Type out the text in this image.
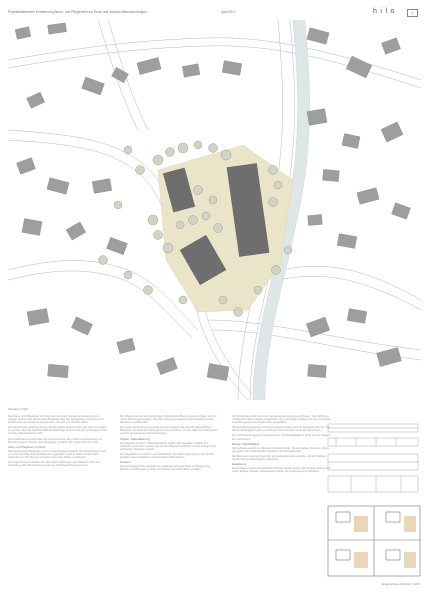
Projektwettbewerb Erweiterung Alters- und Pflegeheim zur Rose und Neubau Alterswohnungen	April 2017	hilo	1
Situation 1:500

Der Alters- und Pflegeheim zur Rose wird mit einem Neubau als Erweiterung im Quartier ergänzt. Die Setzung der Baukörper folgt den bestehenden Strukturen und schafft einen gemeinsamen Aussenraum, der sich zum Dorf hin öffnet.

Das bestehende Gebäude und der Neubau bilden ein Ensemble. Die Volumen werden so gesetzt, dass die Nachbarschaft berücksichtigt wird und sich ein grosszügiger Park mit altem Baumbestand ergibt.

Die Erschliessung erfolgt über die Quartierstrasse. Die Zufahrt für Anlieferung und Besucher liegt im Norden, die Fussgänger erreichen die Anlage über den Park.

Alters- und Pflegeheim zur Rose

Das bestehende Pflegeheim wird um einen Neubau erweitert. Die Wohngruppen sind um einen zentralen Aufenthaltsbereich organisiert, welcher direkt mit dem Park verbunden ist. Die Zimmer orientieren sich nach Süden und Westen.

Die Erdgeschosse enthalten die öffentlichen Nutzungen wie Cafeteria, Saal und Verwaltung. Die Obergeschosse nehmen die Pflegewohngruppen auf.

Die Anlage wird von Grün durchzogen. Bestehende Bäume werden erhalten und mit neuen Pflanzungen ergänzt. Der Park bietet verschiedene Aufenthaltsbereiche für Bewohner und Besucher.

Die neuen Alterswohnungen ergänzen das Angebot. Sie sind als eigenständiger Baukörper am Rand des Parks gesetzt und profitieren von der Nähe zum Pflegeheim und den gemeinsamen Dienstleistungen.

Struktur / Materialisierung

Die Gebäude werden in Massivbauweise erstellt. Die Fassaden erhalten eine Verkleidung aus Holz, welche sich mit dem Bestand verbindet und der Anlage einen wohnlichen Charakter verleiht.

Die Tragstruktur ist einfach und wirtschaftlich. Die Wohnungen lassen sich flexibel einteilen und ermöglichen unterschiedliche Wohnformen.

Freiraum

Der grosszügige Park verbindet die Gebäude und bietet Raum für Begegnung, Erholung und Bewegung. Wege und Plätze sind hindernisfrei gestaltet.

Die Wohnungen sind über einen gemeinsamen Zugang erschlossen. Jede Wohnung verfügt über einen privaten Aussenraum, der nach Süden orientiert ist. Die Grundrisse sind altersgerecht und hindernisfrei ausgebildet.

Die Erschliessungszonen sind grosszügig bemessen und mit Tageslicht versorgt. Sie dienen als Begegnungsorte und fördern den Austausch unter den Bewohnern.

Die Nebenräume liegen im Untergeschoss. Die Einstellhalle ist direkt von der Strasse her erschlossen.

Energie / Nachhaltigkeit

Die Gebäude werden im Minergie-Standard erstellt. Die kompakten Volumen und die gut gedämmte Gebäudehülle reduzieren den Energiebedarf.

Die Wärmeerzeugung erfolgt über eine Erdsondenwärmepumpe. Auf den Dächern werden Photovoltaikanlagen vorgesehen.

Etappierung

Die Erweiterung kann bei laufendem Betrieb erstellt werden. Der Neubau wird in einer ersten Etappe realisiert, anschliessend folgen die Anpassungen im Bestand.

Erdgeschoss Wohnen 1:100
